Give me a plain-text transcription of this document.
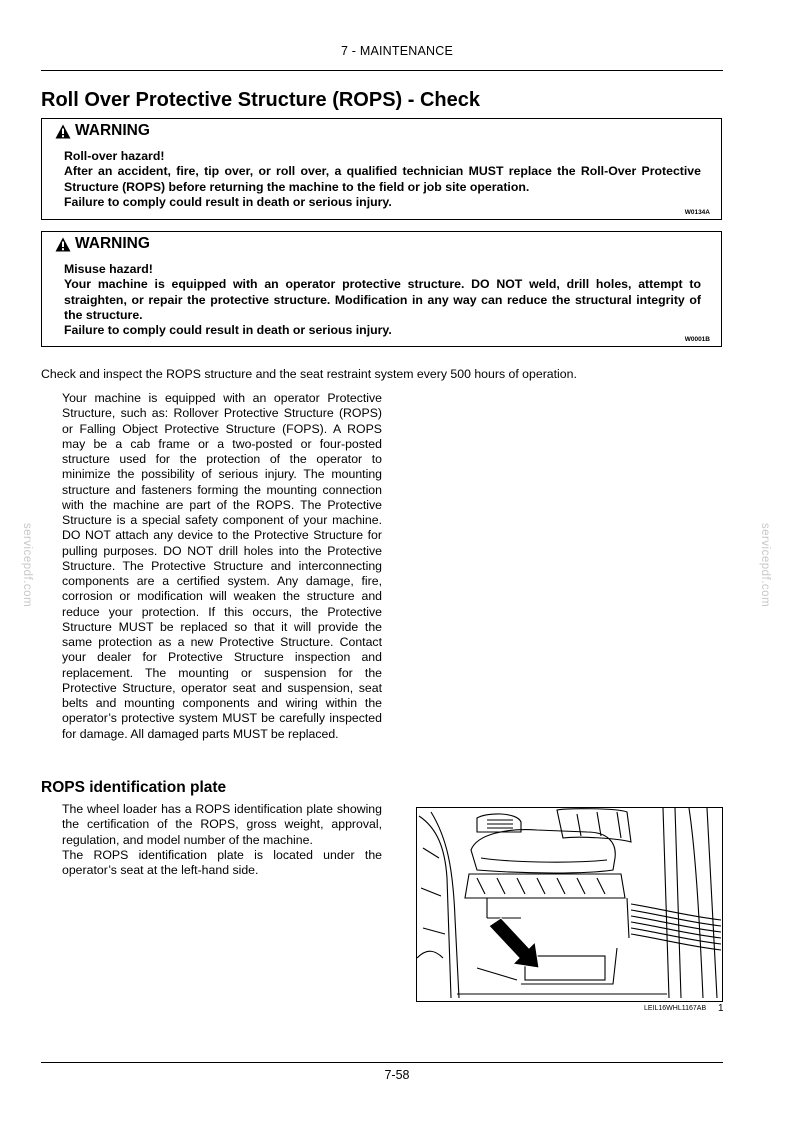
7 - MAINTENANCE
Roll Over Protective Structure (ROPS) - Check
WARNING
Roll-over hazard!
After an accident, fire, tip over, or roll over, a qualified technician MUST replace the Roll-Over Protective Structure (ROPS) before returning the machine to the field or job site operation.
Failure to comply could result in death or serious injury.
W0134A
WARNING
Misuse hazard!
Your machine is equipped with an operator protective structure. DO NOT weld, drill holes, attempt to straighten, or repair the protective structure. Modification in any way can reduce the structural integrity of the structure.
Failure to comply could result in death or serious injury.
W0001B
Check and inspect the ROPS structure and the seat restraint system every 500 hours of operation.

Your machine is equipped with an operator Protective Structure, such as: Rollover Protective Structure (ROPS) or Falling Object Protective Structure (FOPS). A ROPS may be a cab frame or a two-posted or four-posted structure used for the protection of the operator to minimize the possibility of serious injury. The mounting structure and fasteners forming the mounting connection with the machine are part of the ROPS. The Protective Structure is a special safety component of your machine. DO NOT attach any device to the Protective Structure for pulling purposes. DO NOT drill holes into the Protective Structure. The Protective Structure and interconnecting components are a certified system. Any damage, fire, corrosion or modification will weaken the structure and reduce your protection. If this occurs, the Protective Structure MUST be replaced so that it will provide the same protection as a new Protective Structure. Contact your dealer for Protective Structure inspection and replacement. The mounting or suspension for the Protective Structure, operator seat and suspension, seat belts and mounting components and wiring within the operator’s protective system MUST be carefully inspected for damage. All damaged parts MUST be replaced.

ROPS identification plate

The wheel loader has a ROPS identification plate showing the certification of the ROPS, gross weight, approval, regulation, and model number of the machine.

The ROPS identification plate is located under the operator’s seat at the left-hand side.

LEIL16WHL1167AB 1
servicepdf.com	servicepdf.com
7-58
